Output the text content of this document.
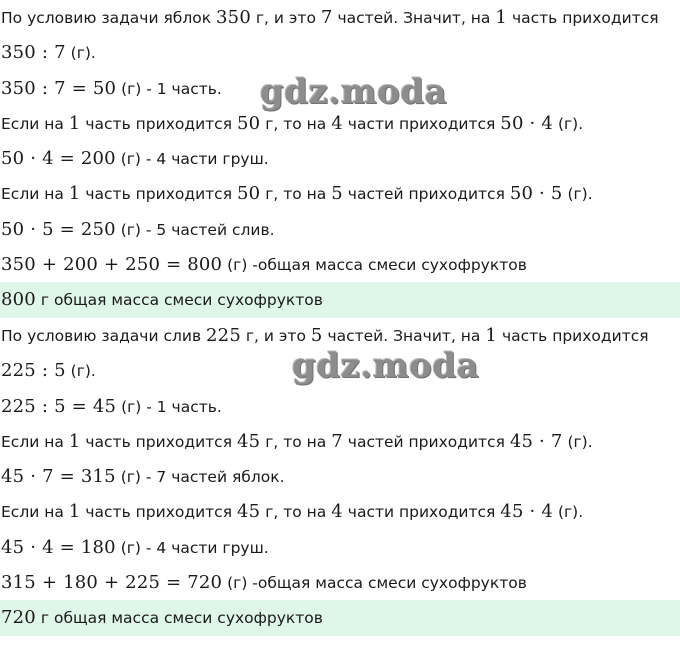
По условию задачи яблок 350 г, и это 7 частей. Значит, на 1 часть приходится
350 : 7 (г).
350 : 7 = 50 (г) - 1 часть.
Если на 1 часть приходится 50 г, то на 4 части приходится 50 · 4 (г).
50 · 4 = 200 (г) - 4 части груш.
Если на 1 часть приходится 50 г, то на 5 частей приходится 50 · 5 (г).
50 · 5 = 250 (г) - 5 частей слив.
350 + 200 + 250 = 800 (г) -общая масса смеси сухофруктов
800 г общая масса смеси сухофруктов
По условию задачи слив 225 г, и это 5 частей. Значит, на 1 часть приходится
225 : 5 (г).
225 : 5 = 45 (г) - 1 часть.
Если на 1 часть приходится 45 г, то на 7 частей приходится 45 · 7 (г).
45 · 7 = 315 (г) - 7 частей яблок.
Если на 1 часть приходится 45 г, то на 4 части приходится 45 · 4 (г).
45 · 4 = 180 (г) - 4 части груш.
315 + 180 + 225 = 720 (г) -общая масса смеси сухофруктов
720 г общая масса смеси сухофруктов
gdz.moda
gdz.moda
